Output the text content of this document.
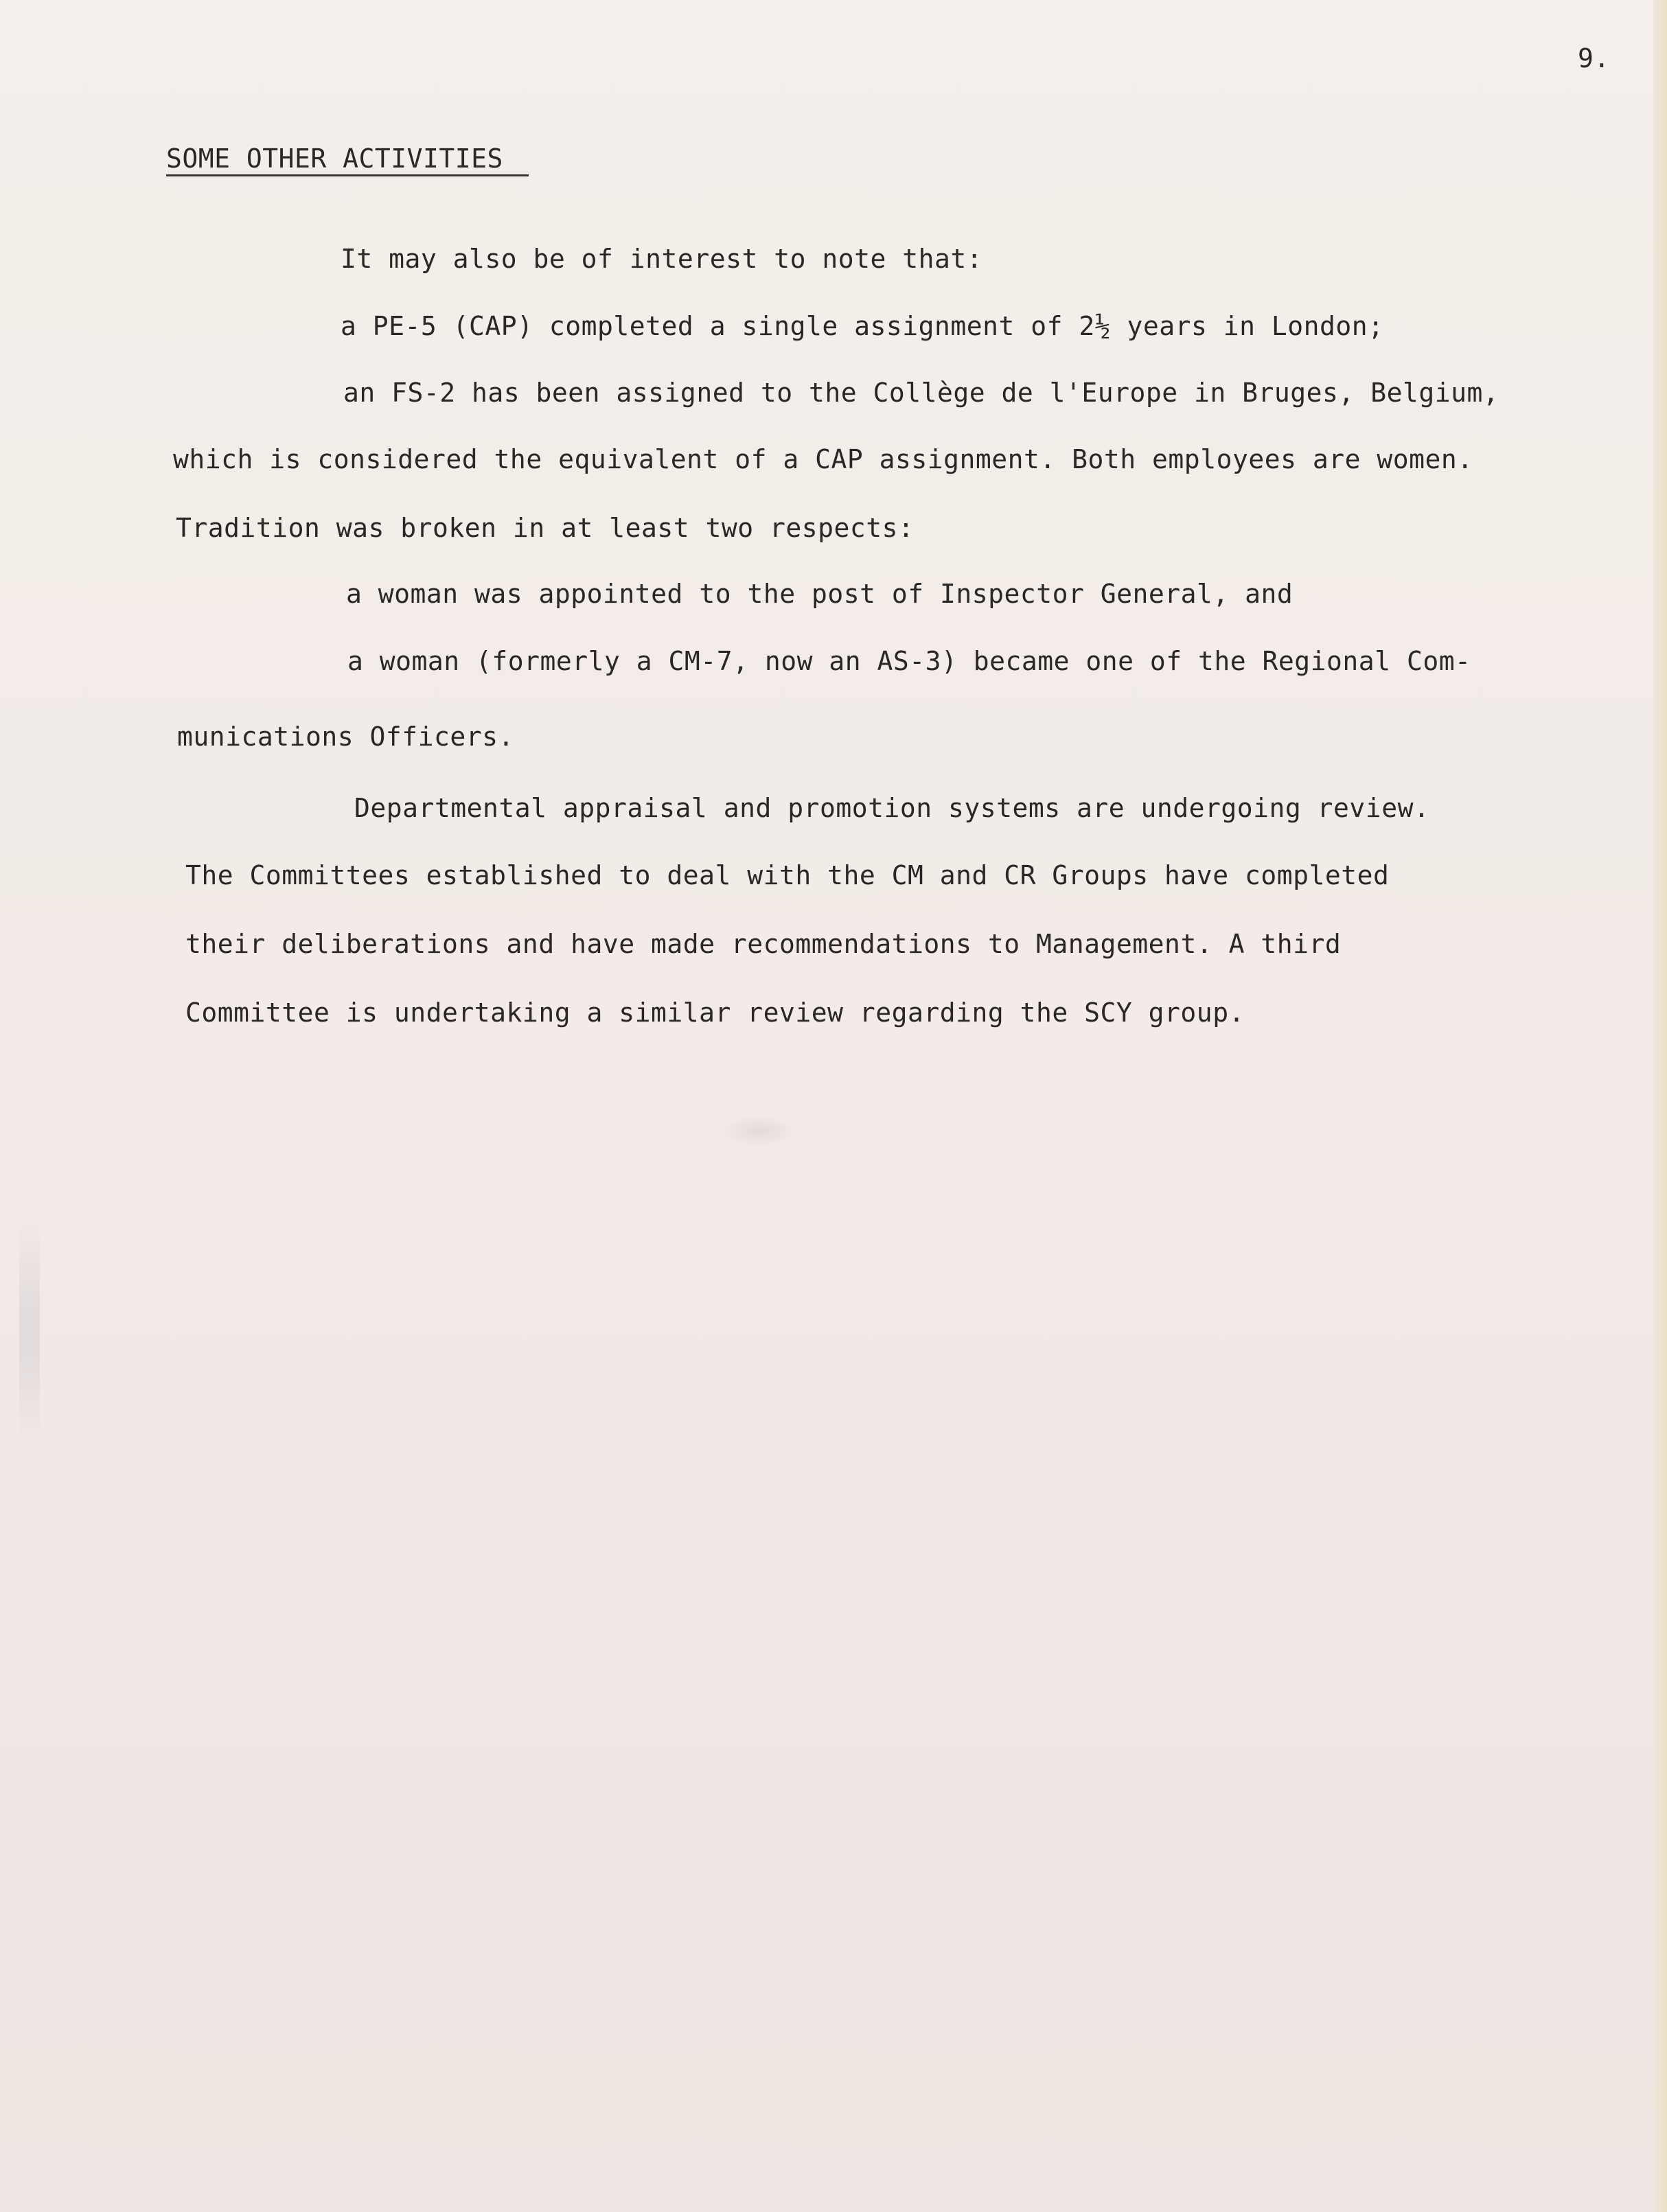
9.
SOME OTHER ACTIVITIES
It may also be of interest to note that:
a PE-5 (CAP) completed a single assignment of 2½ years in London;
an FS-2 has been assigned to the Collège de l'Europe in Bruges, Belgium,
which is considered the equivalent of a CAP assignment. Both employees are women.
Tradition was broken in at least two respects:
a woman was appointed to the post of Inspector General, and
a woman (formerly a CM-7, now an AS-3) became one of the Regional Com-
munications Officers.
Departmental appraisal and promotion systems are undergoing review.
The Committees established to deal with the CM and CR Groups have completed
their deliberations and have made recommendations to Management. A third
Committee is undertaking a similar review regarding the SCY group.
